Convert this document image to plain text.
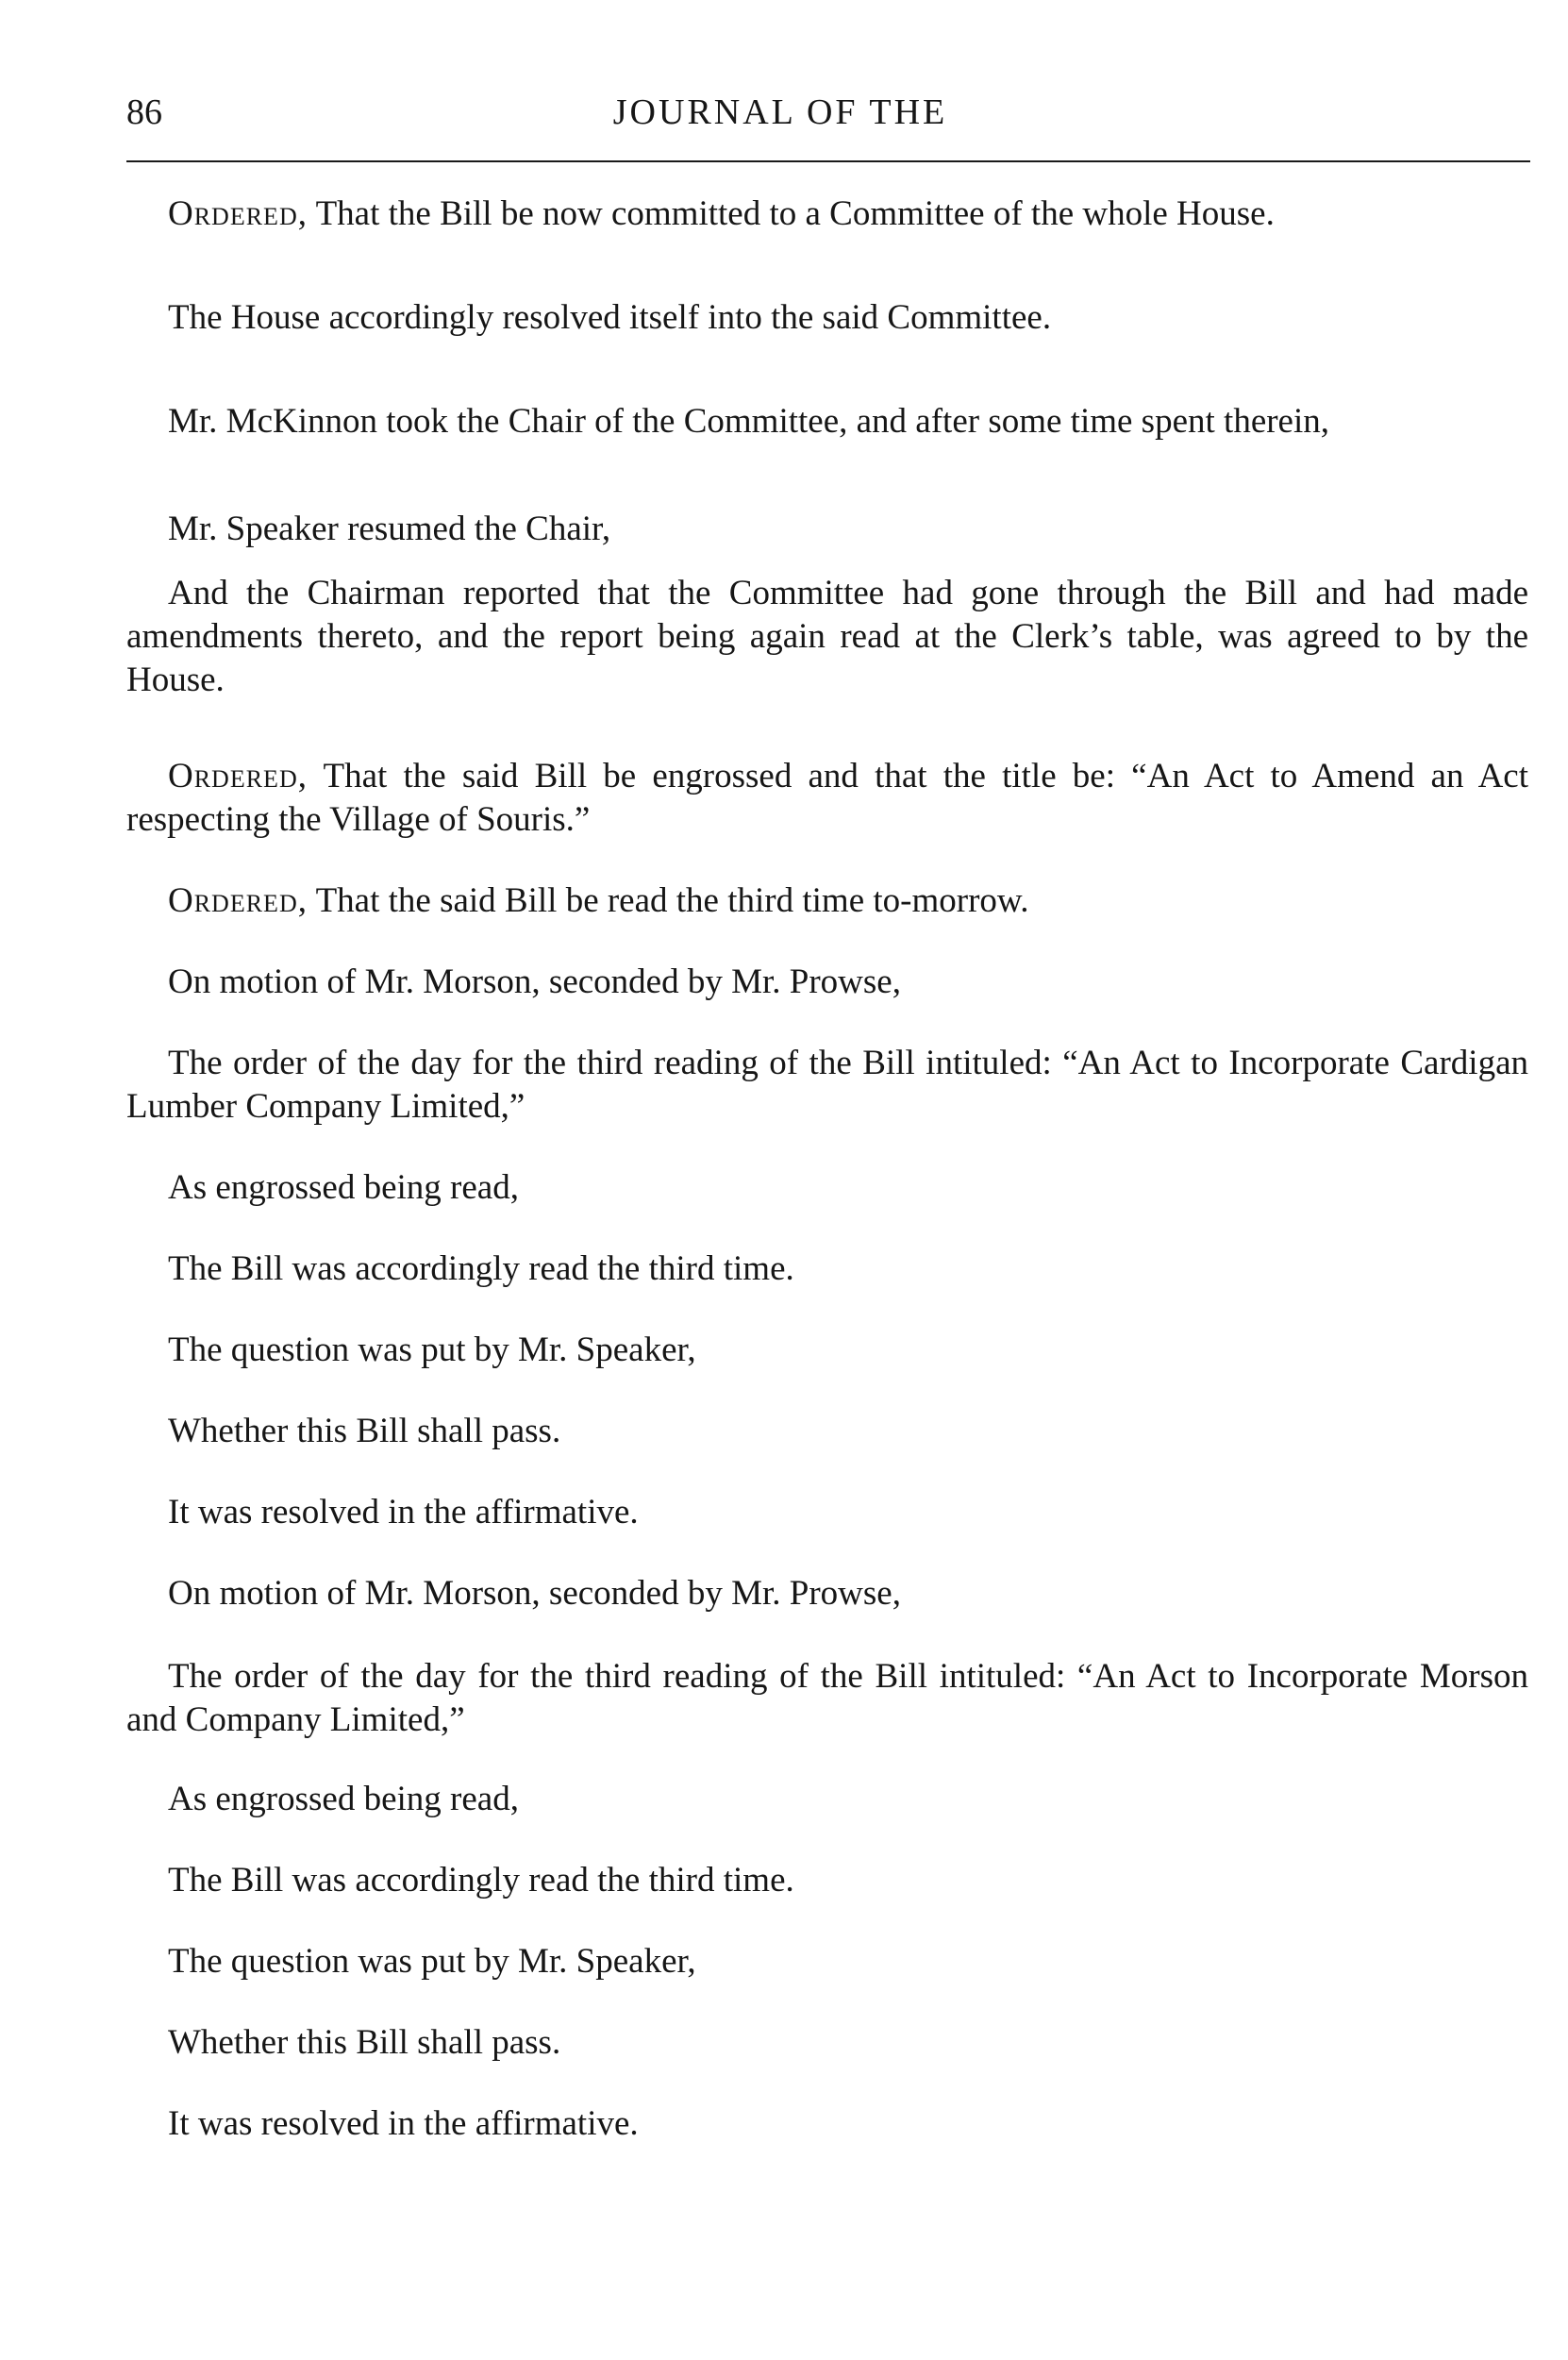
86	JOURNAL OF THE

Ordered, That the Bill be now committed to a Committee of the whole House.

The House accordingly resolved itself into the said Committee.

Mr. McKinnon took the Chair of the Committee, and after some time spent therein,

Mr. Speaker resumed the Chair,

And the Chairman reported that the Committee had gone through the Bill and had made amendments thereto, and the report being again read at the Clerk’s table, was agreed to by the House.

Ordered, That the said Bill be engrossed and that the title be: “An Act to Amend an Act respecting the Village of Souris.”

Ordered, That the said Bill be read the third time to-morrow.

On motion of Mr. Morson, seconded by Mr. Prowse,

The order of the day for the third reading of the Bill intituled: “An Act to Incorporate Cardigan Lumber Company Limited,”

As engrossed being read,

The Bill was accordingly read the third time.

The question was put by Mr. Speaker,

Whether this Bill shall pass.

It was resolved in the affirmative.

On motion of Mr. Morson, seconded by Mr. Prowse,

The order of the day for the third reading of the Bill intituled: “An Act to Incorporate Morson and Company Limited,”

As engrossed being read,

The Bill was accordingly read the third time.

The question was put by Mr. Speaker,

Whether this Bill shall pass.

It was resolved in the affirmative.
